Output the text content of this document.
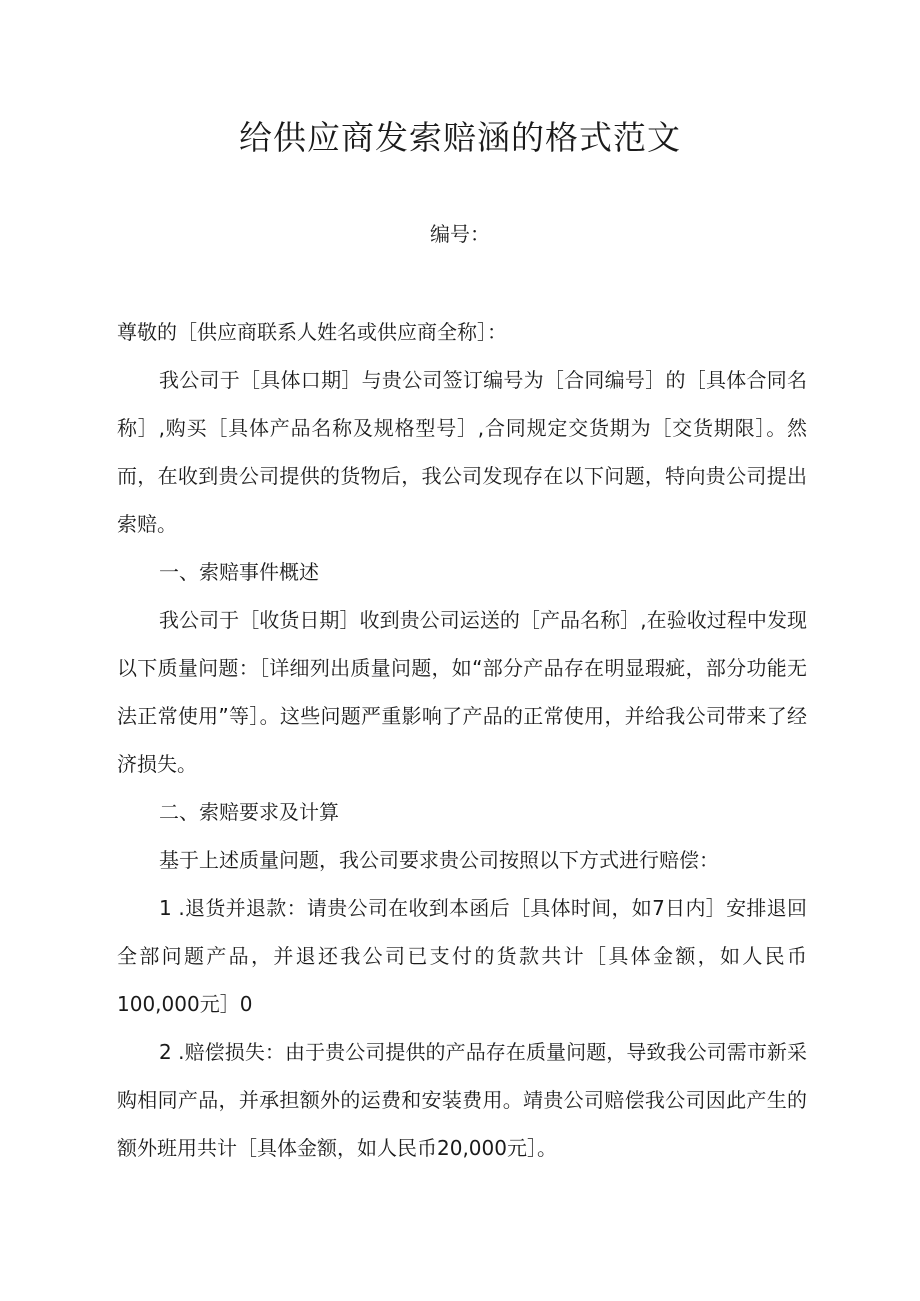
给供应商发索赔涵的格式范文
编号：

尊敬的［供应商联系人姓名或供应商全称］：

我公司于［具体口期］与贵公司签订编号为［合同编号］的［具体合同名称］,购买［具体产品名称及规格型号］,合同规定交货期为［交货期限］。然而，在收到贵公司提供的货物后，我公司发现存在以下问题，特向贵公司提出索赔。

一、索赔事件概述

我公司于［收货日期］收到贵公司运送的［产品名称］,在验收过程中发现以下质量问题：［详细列出质量问题，如“部分产品存在明显瑕疵，部分功能无法正常使用”等］。这些问题严重影响了产品的正常使用，并给我公司带来了经济损失。

二、索赔要求及计算

基于上述质量问题，我公司要求贵公司按照以下方式进行赔偿：

1 .退货并退款：请贵公司在收到本函后［具体时间，如7日内］安排退回全部问题产品，并退还我公司已支付的货款共计［具体金额，如人民币100,000元］0

2 .赔偿损失：由于贵公司提供的产品存在质量问题，导致我公司需市新采购相同产品，并承担额外的运费和安装费用。靖贵公司赔偿我公司因此产生的额外班用共计［具体金额，如人民币20,000元］。
